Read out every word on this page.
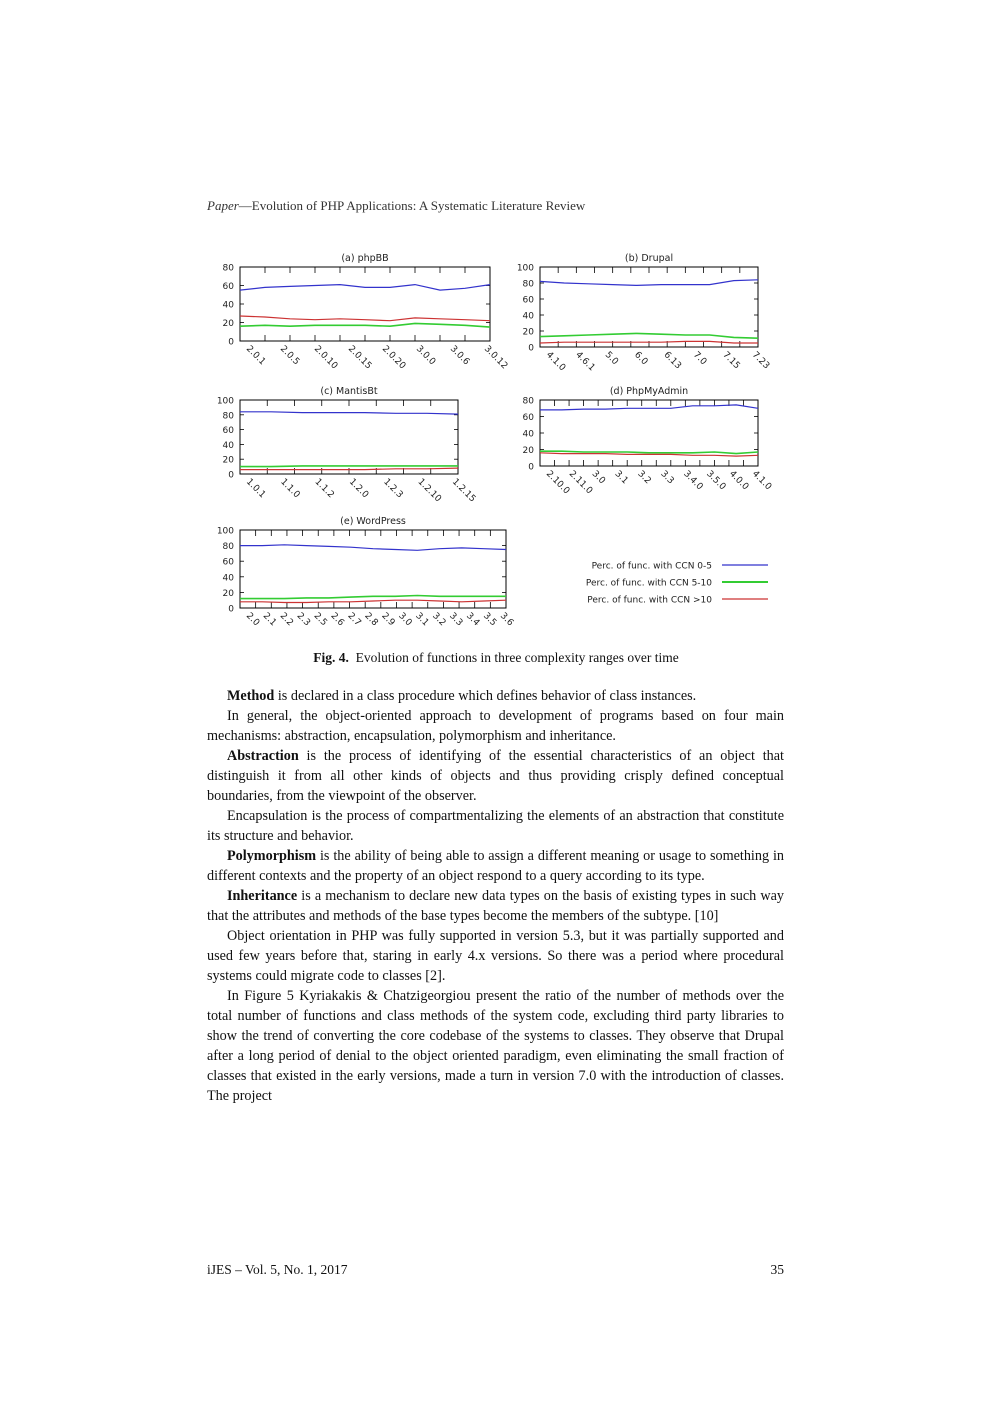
Paper—Evolution of PHP Applications: A Systematic Literature Review
(a) phpBB
0
20
40
60
80
2.0.1 2.0.5 2.0.10 2.0.15 2.0.20 3.0.0 3.0.6 3.0.12
(b) Drupal
0
20
40
60
80
100
4.1.0 4.6.1 5.0 6.0 6.13 7.0 7.15 7.23
(c) MantisBt
0
20
40
60
80
100
1.0.1 1.1.0 1.1.2 1.2.0 1.2.3 1.2.10 1.2.15
(d) PhpMyAdmin
0
20
40
60
80
2.10.0
2.11.0
3.0 3.1 3.2 3.3 3.4.0 3.5.0 4.0.0 4.1.0
(e) WordPress
0
20
40
60
80
100
2.0 2.1 2.2 2.3 2.5 2.6 2.7 2.8 2.9 3.0 3.1 3.2 3.3 3.4 3.5 3.6
Perc. of func. with CCN 0-5
Perc. of func. with CCN 5-10
Perc. of func. with CCN >10
Fig. 4. Evolution of functions in three complexity ranges over time

Method is declared in a class procedure which defines behavior of class instances.

In general, the object-oriented approach to development of programs based on four main mechanisms: abstraction, encapsulation, polymorphism and inheritance.

Abstraction is the process of identifying of the essential characteristics of an object that distinguish it from all other kinds of objects and thus providing crisply defined conceptual boundaries, from the viewpoint of the observer.

Encapsulation is the process of compartmentalizing the elements of an abstraction that constitute its structure and behavior.

Polymorphism is the ability of being able to assign a different meaning or usage to something in different contexts and the property of an object respond to a query according to its type.

Inheritance is a mechanism to declare new data types on the basis of existing types in such way that the attributes and methods of the base types become the members of the subtype. [10]

Object orientation in PHP was fully supported in version 5.3, but it was partially supported and used few years before that, staring in early 4.x versions. So there was a period where procedural systems could migrate code to classes [2].

In Figure 5 Kyriakakis & Chatzigeorgiou present the ratio of the number of methods over the total number of functions and class methods of the system code, excluding third party libraries to show the trend of converting the core codebase of the systems to classes. They observe that Drupal after a long period of denial to the object oriented paradigm, even eliminating the small fraction of classes that existed in the early versions, made a turn in version 7.0 with the introduction of classes. The project

iJES – Vol. 5, No. 1, 2017	35
